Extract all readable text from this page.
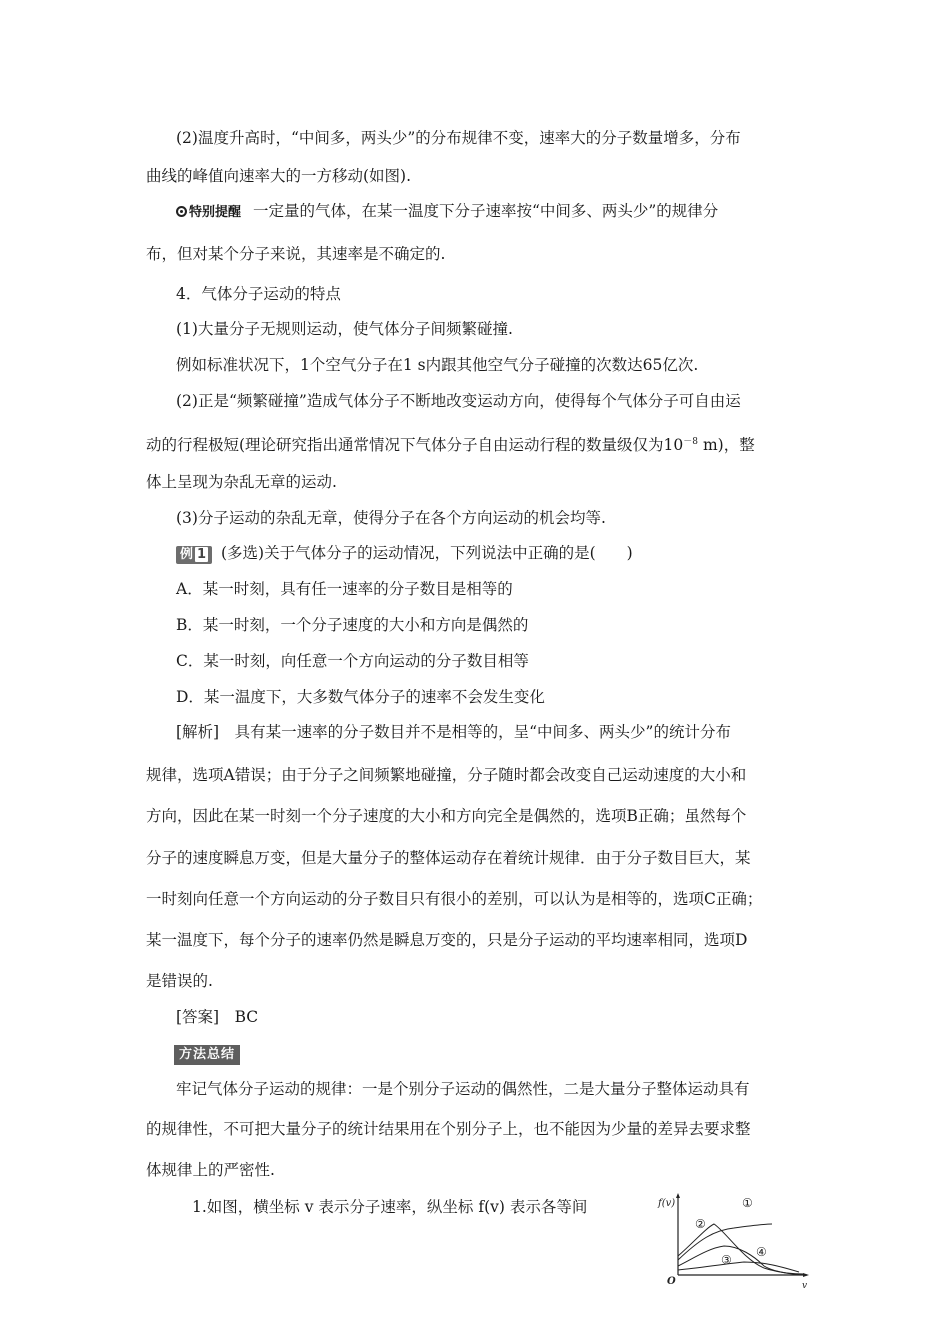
(2)温度升高时，“中间多，两头少”的分布规律不变，速率大的分子数量增多，分布
曲线的峰值向速率大的一方移动(如图).
特别提醒 一定量的气体，在某一温度下分子速率按“中间多、两头少”的规律分
布，但对某个分子来说，其速率是不确定的.
4．气体分子运动的特点
(1)大量分子无规则运动，使气体分子间频繁碰撞.
例如标准状况下，1个空气分子在1 s内跟其他空气分子碰撞的次数达65亿次.
(2)正是“频繁碰撞”造成气体分子不断地改变运动方向，使得每个气体分子可自由运
动的行程极短(理论研究指出通常情况下气体分子自由运动行程的数量级仅为$10^{-8}$ m)，整
体上呈现为杂乱无章的运动.
(3)分子运动的杂乱无章，使得分子在各个方向运动的机会均等.
例 1 (多选)关于气体分子的运动情况，下列说法中正确的是(　　)
A．某一时刻，具有任一速率的分子数目是相等的
B．某一时刻，一个分子速度的大小和方向是偶然的
C．某一时刻，向任意一个方向运动的分子数目相等
D．某一温度下，大多数气体分子的速率不会发生变化
[解析]　具有某一速率的分子数目并不是相等的，呈“中间多、两头少”的统计分布
规律，选项A错误；由于分子之间频繁地碰撞，分子随时都会改变自己运动速度的大小和
方向，因此在某一时刻一个分子速度的大小和方向完全是偶然的，选项B正确；虽然每个
分子的速度瞬息万变，但是大量分子的整体运动存在着统计规律．由于分子数目巨大，某
一时刻向任意一个方向运动的分子数目只有很小的差别，可以认为是相等的，选项C正确；
某一温度下，每个分子的速率仍然是瞬息万变的，只是分子运动的平均速率相同，选项D
是错误的.
[答案]　BC
方法总结
牢记气体分子运动的规律：一是个别分子运动的偶然性，二是大量分子整体运动具有
的规律性，不可把大量分子的统计结果用在个别分子上，也不能因为少量的差异去要求整
体规律上的严密性.
1.如图，横坐标 v 表示分子速率，纵坐标 f(v) 表示各等间	f(v)
O	v
①
②
③
④
